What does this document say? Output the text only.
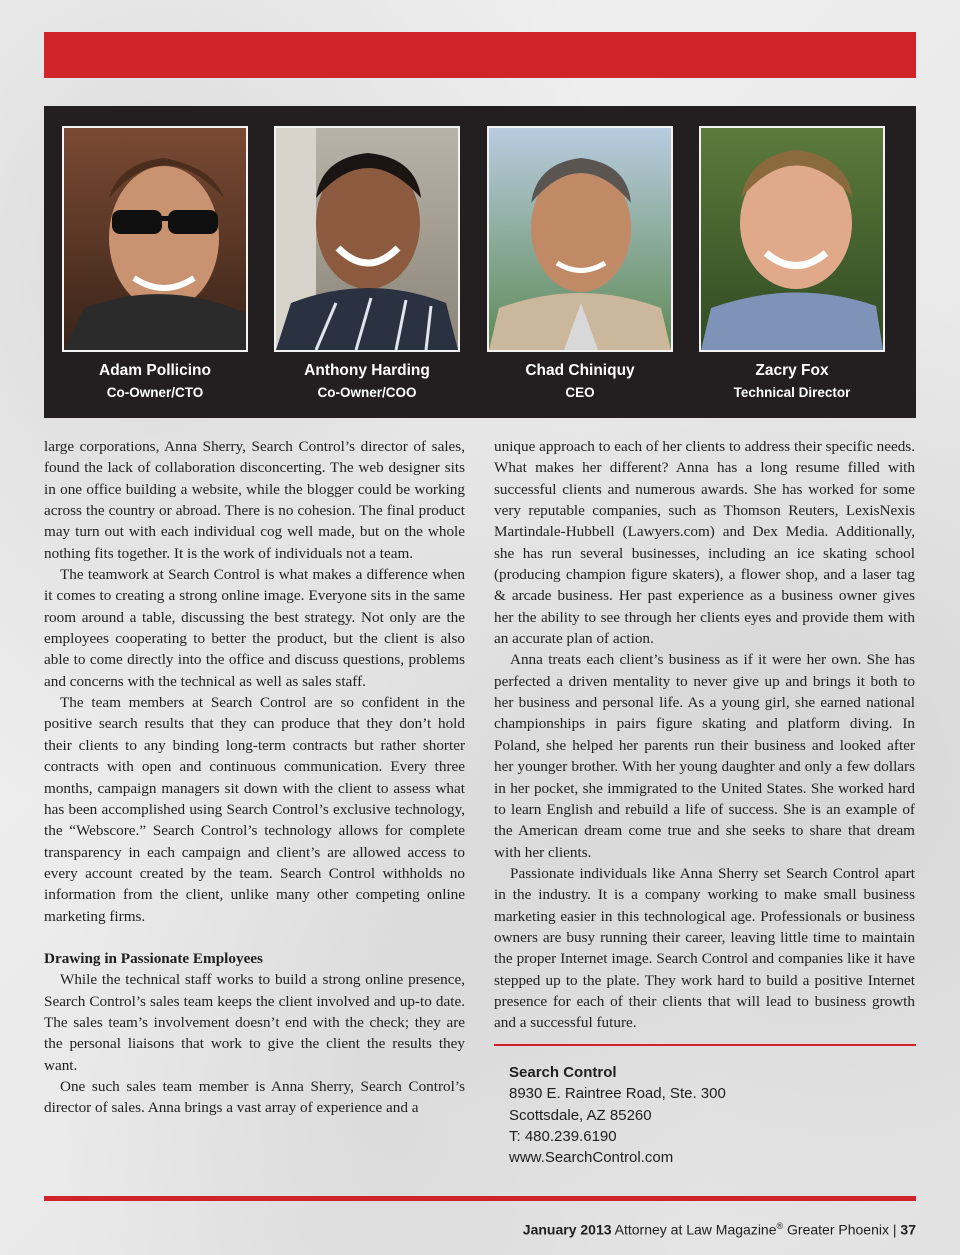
Adam Pollicino
Co-Owner/CTO
Anthony Harding
Co-Owner/COO
Chad Chiniquy
CEO
Zacry Fox
Technical Director

large corporations, Anna Sherry, Search Control’s director of sales, found the lack of collaboration disconcerting. The web designer sits in one office building a website, while the blogger could be working across the country or abroad. There is no cohesion. The final product may turn out with each individual cog well made, but on the whole nothing fits together. It is the work of individuals not a team.

The teamwork at Search Control is what makes a difference when it comes to creating a strong online image. Everyone sits in the same room around a table, discussing the best strategy. Not only are the employees cooperating to better the product, but the client is also able to come directly into the office and discuss questions, problems and concerns with the technical as well as sales staff.

The team members at Search Control are so confident in the positive search results that they can produce that they don’t hold their clients to any binding long-term contracts but rather shorter contracts with open and continuous communication. Every three months, campaign managers sit down with the client to assess what has been accomplished using Search Control’s exclusive technology, the “Webscore.” Search Control’s technology allows for complete transparency in each campaign and client’s are allowed access to every account created by the team. Search Control withholds no information from the client, unlike many other competing online marketing firms.

Drawing in Passionate Employees

While the technical staff works to build a strong online presence, Search Control’s sales team keeps the client involved and up-to date. The sales team’s involvement doesn’t end with the check; they are the personal liaisons that work to give the client the results they want.

One such sales team member is Anna Sherry, Search Control’s director of sales. Anna brings a vast array of experience and a

unique approach to each of her clients to address their specific needs. What makes her different? Anna has a long resume filled with successful clients and numerous awards. She has worked for some very reputable companies, such as Thomson Reuters, LexisNexis Martindale-Hubbell (Lawyers.com) and Dex Media. Additionally, she has run several businesses, including an ice skating school (producing champion figure skaters), a flower shop, and a laser tag & arcade business. Her past experience as a business owner gives her the ability to see through her clients eyes and provide them with an accurate plan of action.

Anna treats each client’s business as if it were her own. She has perfected a driven mentality to never give up and brings it both to her business and personal life. As a young girl, she earned national championships in pairs figure skating and platform diving. In Poland, she helped her parents run their business and looked after her younger brother. With her young daughter and only a few dollars in her pocket, she immigrated to the United States. She worked hard to learn English and rebuild a life of success. She is an example of the American dream come true and she seeks to share that dream with her clients.

Passionate individuals like Anna Sherry set Search Control apart in the industry. It is a company working to make small business marketing easier in this technological age. Professionals or business owners are busy running their career, leaving little time to maintain the proper Internet image. Search Control and companies like it have stepped up to the plate. They work hard to build a positive Internet presence for each of their clients that will lead to business growth and a successful future.

Search Control
8930 E. Raintree Road, Ste. 300
Scottsdale, AZ 85260
T: 480.239.6190
www.SearchControl.com
January 2013 Attorney at Law Magazine® Greater Phoenix | 37
